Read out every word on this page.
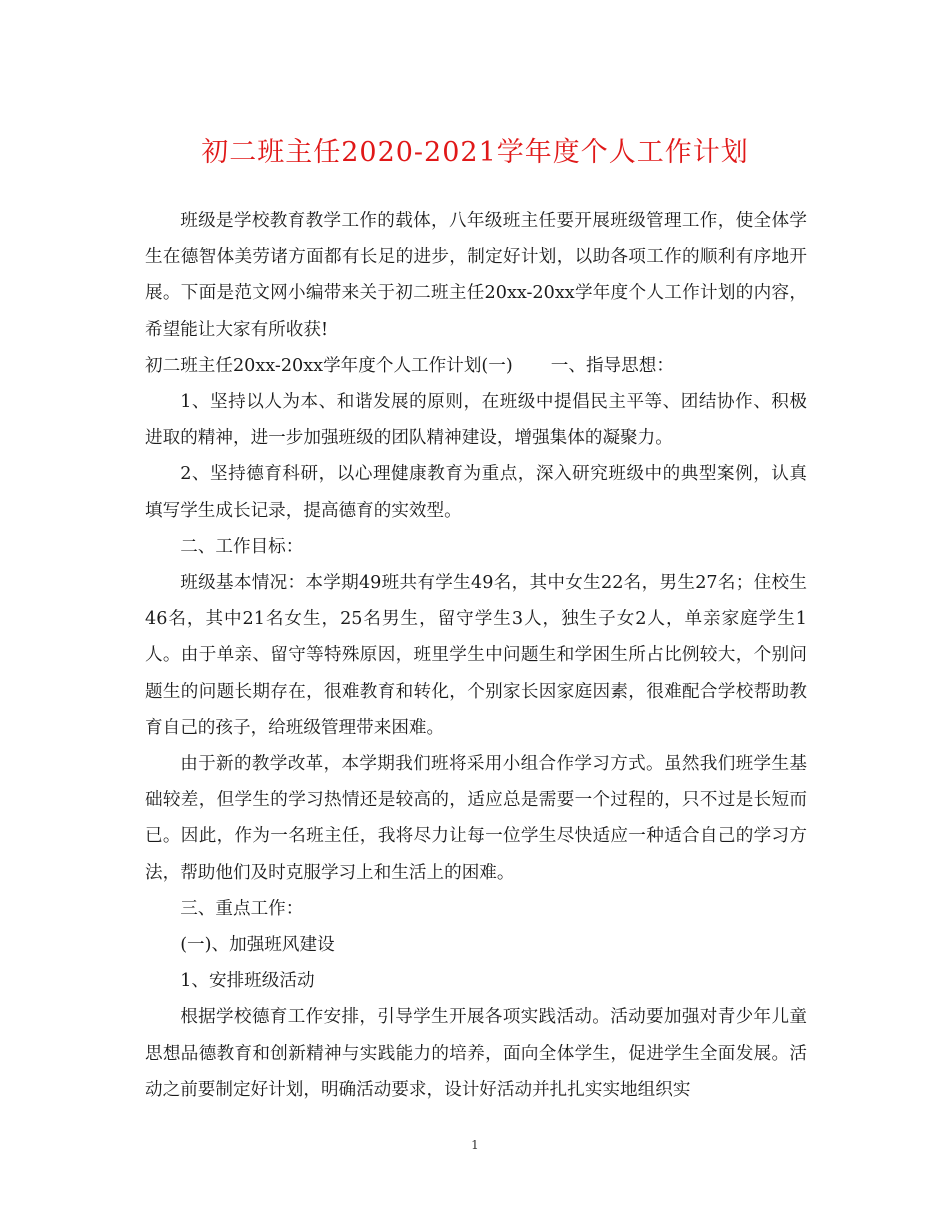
初二班主任2020-2021学年度个人工作计划

班级是学校教育教学工作的载体，八年级班主任要开展班级管理工作，使全体学生在德智体美劳诸方面都有长足的进步，制定好计划，以助各项工作的顺利有序地开展。下面是范文网小编带来关于初二班主任20xx-20xx学年度个人工作计划的内容，希望能让大家有所收获!

初二班主任20xx-20xx学年度个人工作计划(一) 一、指导思想：

1、坚持以人为本、和谐发展的原则，在班级中提倡民主平等、团结协作、积极进取的精神，进一步加强班级的团队精神建设，增强集体的凝聚力。

2、坚持德育科研，以心理健康教育为重点，深入研究班级中的典型案例，认真填写学生成长记录，提高德育的实效型。

二、工作目标：

班级基本情况：本学期49班共有学生49名，其中女生22名，男生27名；住校生46名，其中21名女生，25名男生，留守学生3人，独生子女2人，单亲家庭学生1人。由于单亲、留守等特殊原因，班里学生中问题生和学困生所占比例较大，个别问题生的问题长期存在，很难教育和转化，个别家长因家庭因素，很难配合学校帮助教育自己的孩子，给班级管理带来困难。

由于新的教学改革，本学期我们班将采用小组合作学习方式。虽然我们班学生基础较差，但学生的学习热情还是较高的，适应总是需要一个过程的，只不过是长短而已。因此，作为一名班主任，我将尽力让每一位学生尽快适应一种适合自己的学习方法，帮助他们及时克服学习上和生活上的困难。

三、重点工作：

(一)、加强班风建设

1、安排班级活动

根据学校德育工作安排，引导学生开展各项实践活动。活动要加强对青少年儿童思想品德教育和创新精神与实践能力的培养，面向全体学生，促进学生全面发展。活动之前要制定好计划，明确活动要求，设计好活动并扎扎实实地组织实

1
